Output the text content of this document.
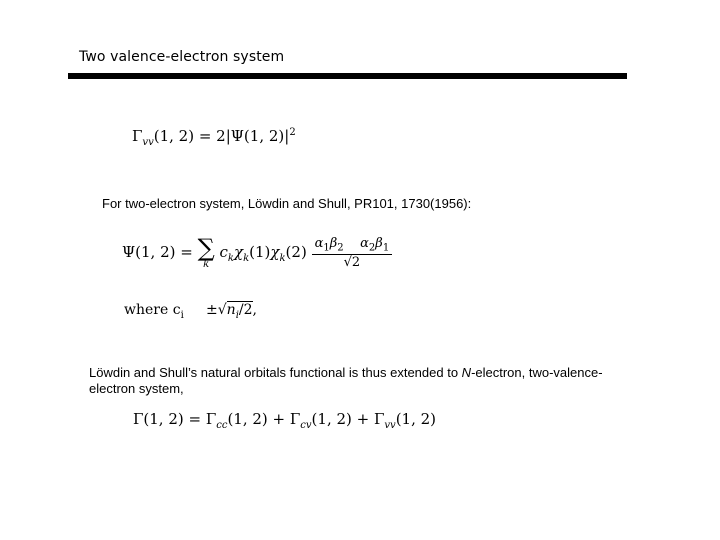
Two valence-electron system
$\Gamma_{vv}(1$, 2) = 2|Ψ(1, $2)|^2$
For two-electron system, Löwdin and Shull, PR101, 1730(1956):
Ψ(1, 2) = ∑
k
$c_k\chi_k(1)\chi_k(2) \frac{\alpha_1\beta_2 \alpha_2\beta_1}{√2}$
where $c_i$     $\pm√n_i/2$,
Löwdin and Shull’s natural orbitals functional is thus extended to N-electron, two-valence-electron system,
Γ(1, $2) = \Gamma_{cc}(1$, $2) + \Gamma_{cv}(1$, $2) + \Gamma_{vv}(1$, 2)
